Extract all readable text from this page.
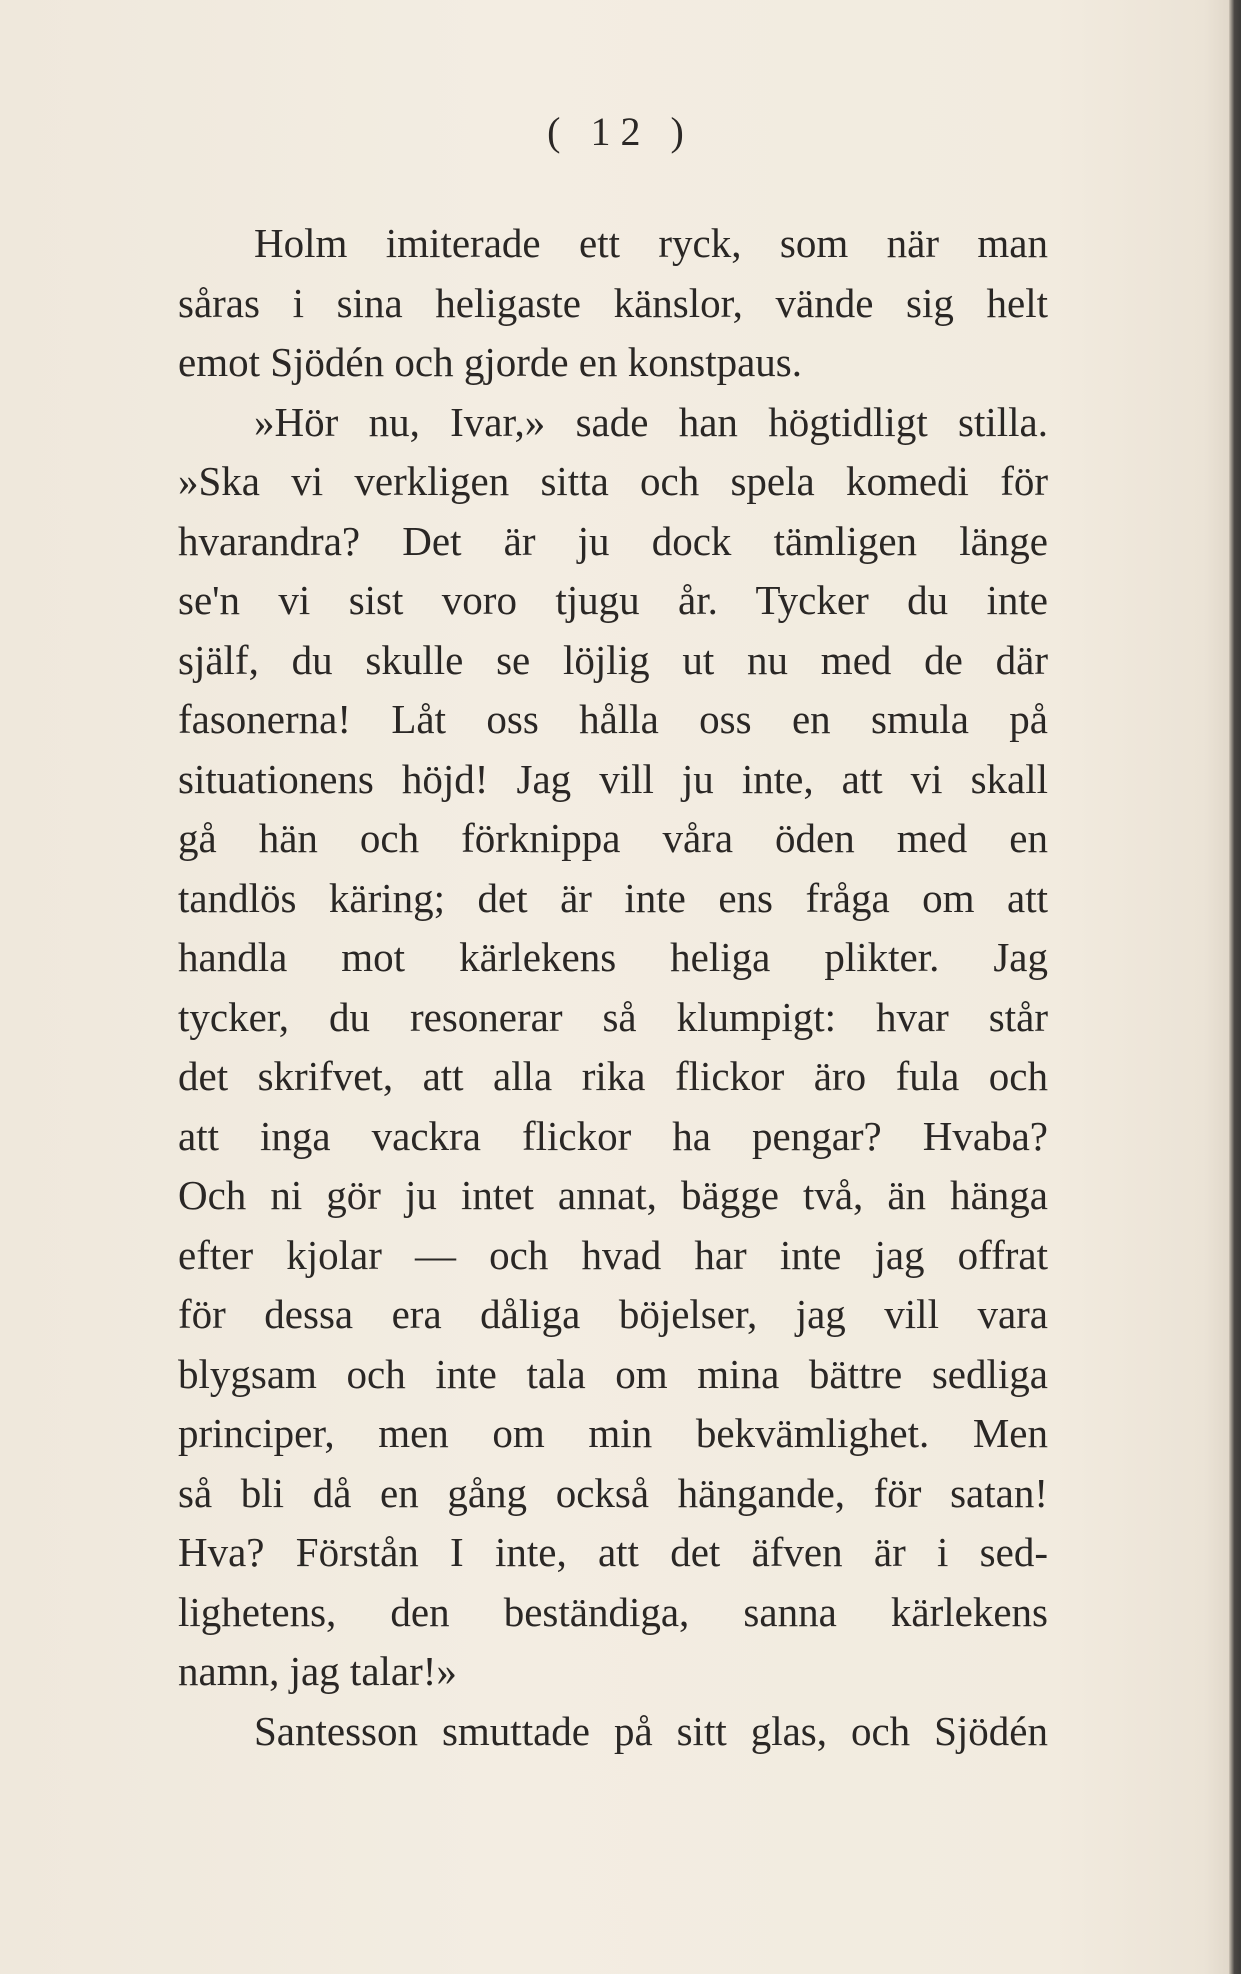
( 12 )
Holm imiterade ett ryck, som när man
såras i sina heligaste känslor, vände sig helt
emot Sjödén och gjorde en konstpaus.
»Hör nu, Ivar,» sade han högtidligt stilla.
»Ska vi verkligen sitta och spela komedi för
hvarandra? Det är ju dock tämligen länge
se'n vi sist voro tjugu år. Tycker du inte
själf, du skulle se löjlig ut nu med de där
fasonerna! Låt oss hålla oss en smula på
situationens höjd! Jag vill ju inte, att vi skall
gå hän och förknippa våra öden med en
tandlös käring; det är inte ens fråga om att
handla mot kärlekens heliga plikter. Jag
tycker, du resonerar så klumpigt: hvar står
det skrifvet, att alla rika flickor äro fula och
att inga vackra flickor ha pengar? Hvaba?
Och ni gör ju intet annat, bägge två, än hänga
efter kjolar — och hvad har inte jag offrat
för dessa era dåliga böjelser, jag vill vara
blygsam och inte tala om mina bättre sedliga
principer, men om min bekvämlighet. Men
så bli då en gång också hängande, för satan!
Hva? Förstån I inte, att det äfven är i sed-
lighetens, den beständiga, sanna kärlekens
namn, jag talar!»
Santesson smuttade på sitt glas, och Sjödén
